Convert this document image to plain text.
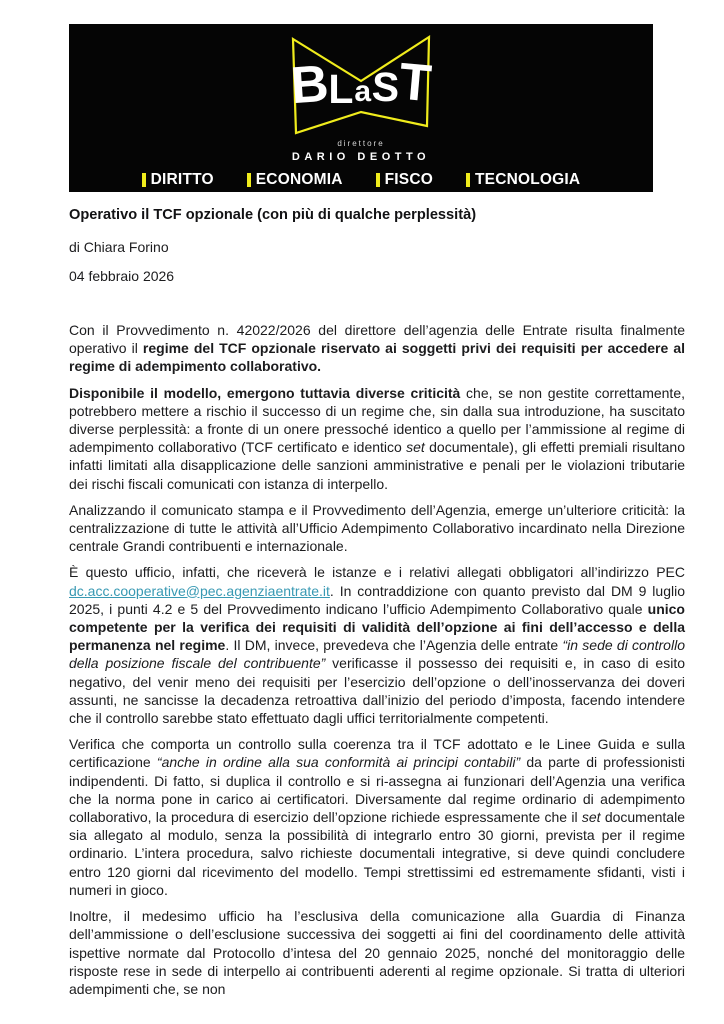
B
L a S
T
direttore
DARIO DEOTTO
DIRITTO	ECONOMIA	FISCO	TECNOLOGIA
Operativo il TCF opzionale (con più di qualche perplessità)
di Chiara Forino
04 febbraio 2026

Con il Provvedimento n. 42022/2026 del direttore dell’agenzia delle Entrate risulta finalmente operativo il regime del TCF opzionale riservato ai soggetti privi dei requisiti per accedere al regime di adempimento collaborativo.

Disponibile il modello, emergono tuttavia diverse criticità che, se non gestite correttamente, potrebbero mettere a rischio il successo di un regime che, sin dalla sua introduzione, ha suscitato diverse perplessità: a fronte di un onere pressoché identico a quello per l’ammissione al regime di adempimento collaborativo (TCF certificato e identico set documentale), gli effetti premiali risultano infatti limitati alla disapplicazione delle sanzioni amministrative e penali per le violazioni tributarie dei rischi fiscali comunicati con istanza di interpello.

Analizzando il comunicato stampa e il Provvedimento dell’Agenzia, emerge un’ulteriore criticità: la centralizzazione di tutte le attività all’Ufficio Adempimento Collaborativo incardinato nella Direzione centrale Grandi contribuenti e internazionale.

È questo ufficio, infatti, che riceverà le istanze e i relativi allegati obbligatori all’indirizzo PEC dc.acc.cooperative@pec.agenziaentrate.it. In contraddizione con quanto previsto dal DM 9 luglio 2025, i punti 4.2 e 5 del Provvedimento indicano l’ufficio Adempimento Collaborativo quale unico competente per la verifica dei requisiti di validità dell’opzione ai fini dell’accesso e della permanenza nel regime. Il DM, invece, prevedeva che l’Agenzia delle entrate “in sede di controllo della posizione fiscale del contribuente” verificasse il possesso dei requisiti e, in caso di esito negativo, del venir meno dei requisiti per l’esercizio dell’opzione o dell’inosservanza dei doveri assunti, ne sancisse la decadenza retroattiva dall’inizio del periodo d’imposta, facendo intendere che il controllo sarebbe stato effettuato dagli uffici territorialmente competenti.

Verifica che comporta un controllo sulla coerenza tra il TCF adottato e le Linee Guida e sulla certificazione “anche in ordine alla sua conformità ai principi contabili” da parte di professionisti indipendenti. Di fatto, si duplica il controllo e si ri-assegna ai funzionari dell’Agenzia una verifica che la norma pone in carico ai certificatori. Diversamente dal regime ordinario di adempimento collaborativo, la procedura di esercizio dell’opzione richiede espressamente che il set documentale sia allegato al modulo, senza la possibilità di integrarlo entro 30 giorni, prevista per il regime ordinario. L’intera procedura, salvo richieste documentali integrative, si deve quindi concludere entro 120 giorni dal ricevimento del modello. Tempi strettissimi ed estremamente sfidanti, visti i numeri in gioco.

Inoltre, il medesimo ufficio ha l’esclusiva della comunicazione alla Guardia di Finanza dell’ammissione o dell’esclusione successiva dei soggetti ai fini del coordinamento delle attività ispettive normate dal Protocollo d’intesa del 20 gennaio 2025, nonché del monitoraggio delle risposte rese in sede di interpello ai contribuenti aderenti al regime opzionale. Si tratta di ulteriori adempimenti che, se non
